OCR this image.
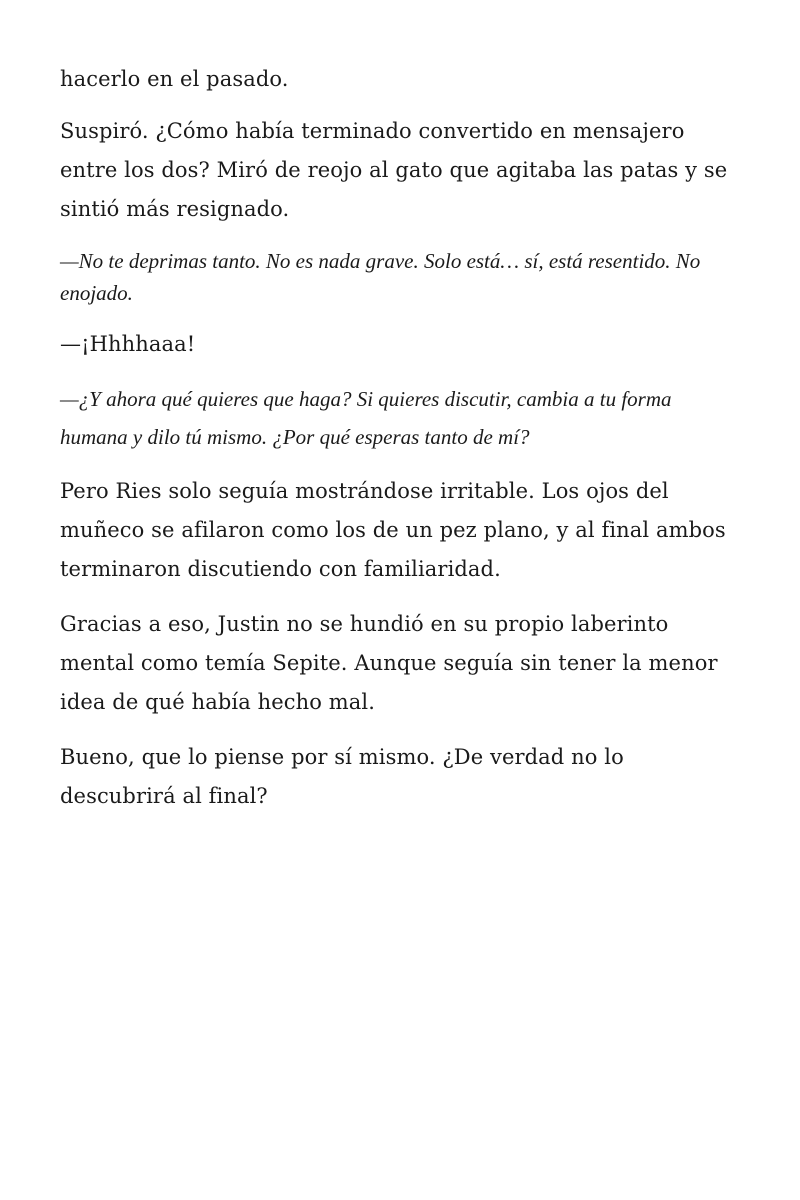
hacerlo en el pasado.

Suspiró. ¿Cómo había terminado convertido en mensajero entre los dos? Miró de reojo al gato que agitaba las patas y se sintió más resignado.

—No te deprimas tanto. No es nada grave. Solo está… sí, está resentido. No enojado.

—¡Hhhhaaa!

—¿Y ahora qué quieres que haga? Si quieres discutir, cambia a tu forma humana y dilo tú mismo. ¿Por qué esperas tanto de mí?

Pero Ries solo seguía mostrándose irritable. Los ojos del muñeco se afilaron como los de un pez plano, y al final ambos terminaron discutiendo con familiaridad.

Gracias a eso, Justin no se hundió en su propio laberinto mental como temía Sepite. Aunque seguía sin tener la menor idea de qué había hecho mal.

Bueno, que lo piense por sí mismo. ¿De verdad no lo descubrirá al final?
